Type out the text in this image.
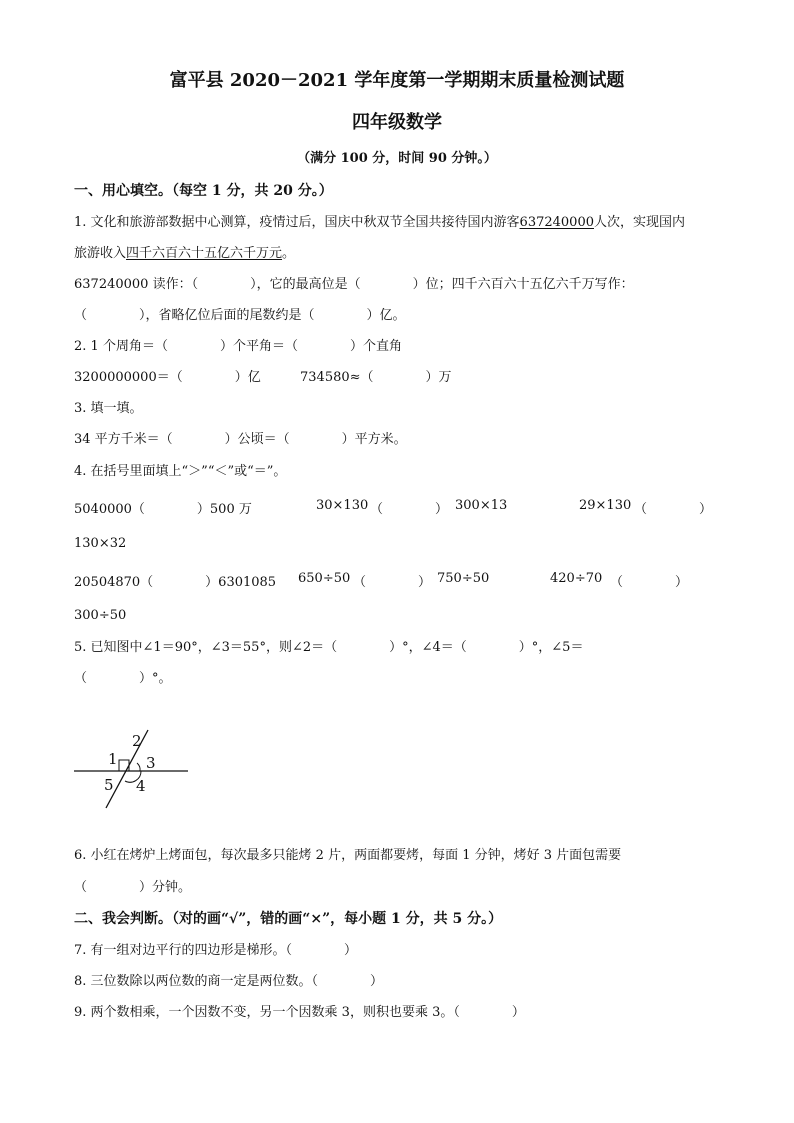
富平县 2020－2021 学年度第一学期期末质量检测试题
四年级数学
（满分 100 分，时间 90 分钟。）
一、用心填空。（每空 1 分，共 20 分。）
1. 文化和旅游部数据中心测算，疫情过后，国庆中秋双节全国共接待国内游客637240000人次，实现国内
旅游收入四千六百六十五亿六千万元。
637240000 读作：（　　　　），它的最高位是（　　　　）位；四千六百六十五亿六千万写作：
（　　　　），省略亿位后面的尾数约是（　　　　）亿。
2. 1 个周角＝（　　　　）个平角＝（　　　　）个直角
3200000000＝（　　　　）亿	734580≈（　　　　）万
3. 填一填。
34 平方千米＝（　　　　）公顷＝（　　　　）平方米。
4. 在括号里面填上“＞”“＜”或“＝”。
5040000（　　　　）500 万	30×130 （　　　　） 300×13	29×130 （　　　　）
130×32
20504870（　　　　）6301085 650÷50 （　　　　） 750÷50	420÷70 （　　　　）
300÷50
5. 已知图中∠1＝90°，∠3＝55°，则∠2＝（　　　　）°，∠4＝（　　　　）°，∠5＝
（　　　　）°。
1
2
3
4
5
6. 小红在烤炉上烤面包，每次最多只能烤 2 片，两面都要烤，每面 1 分钟，烤好 3 片面包需要
（　　　　）分钟。
二、我会判断。（对的画“√”，错的画“×”，每小题 1 分，共 5 分。）
7. 有一组对边平行的四边形是梯形。（　　　　）
8. 三位数除以两位数的商一定是两位数。（　　　　）
9. 两个数相乘，一个因数不变，另一个因数乘 3，则积也要乘 3。（　　　　）
